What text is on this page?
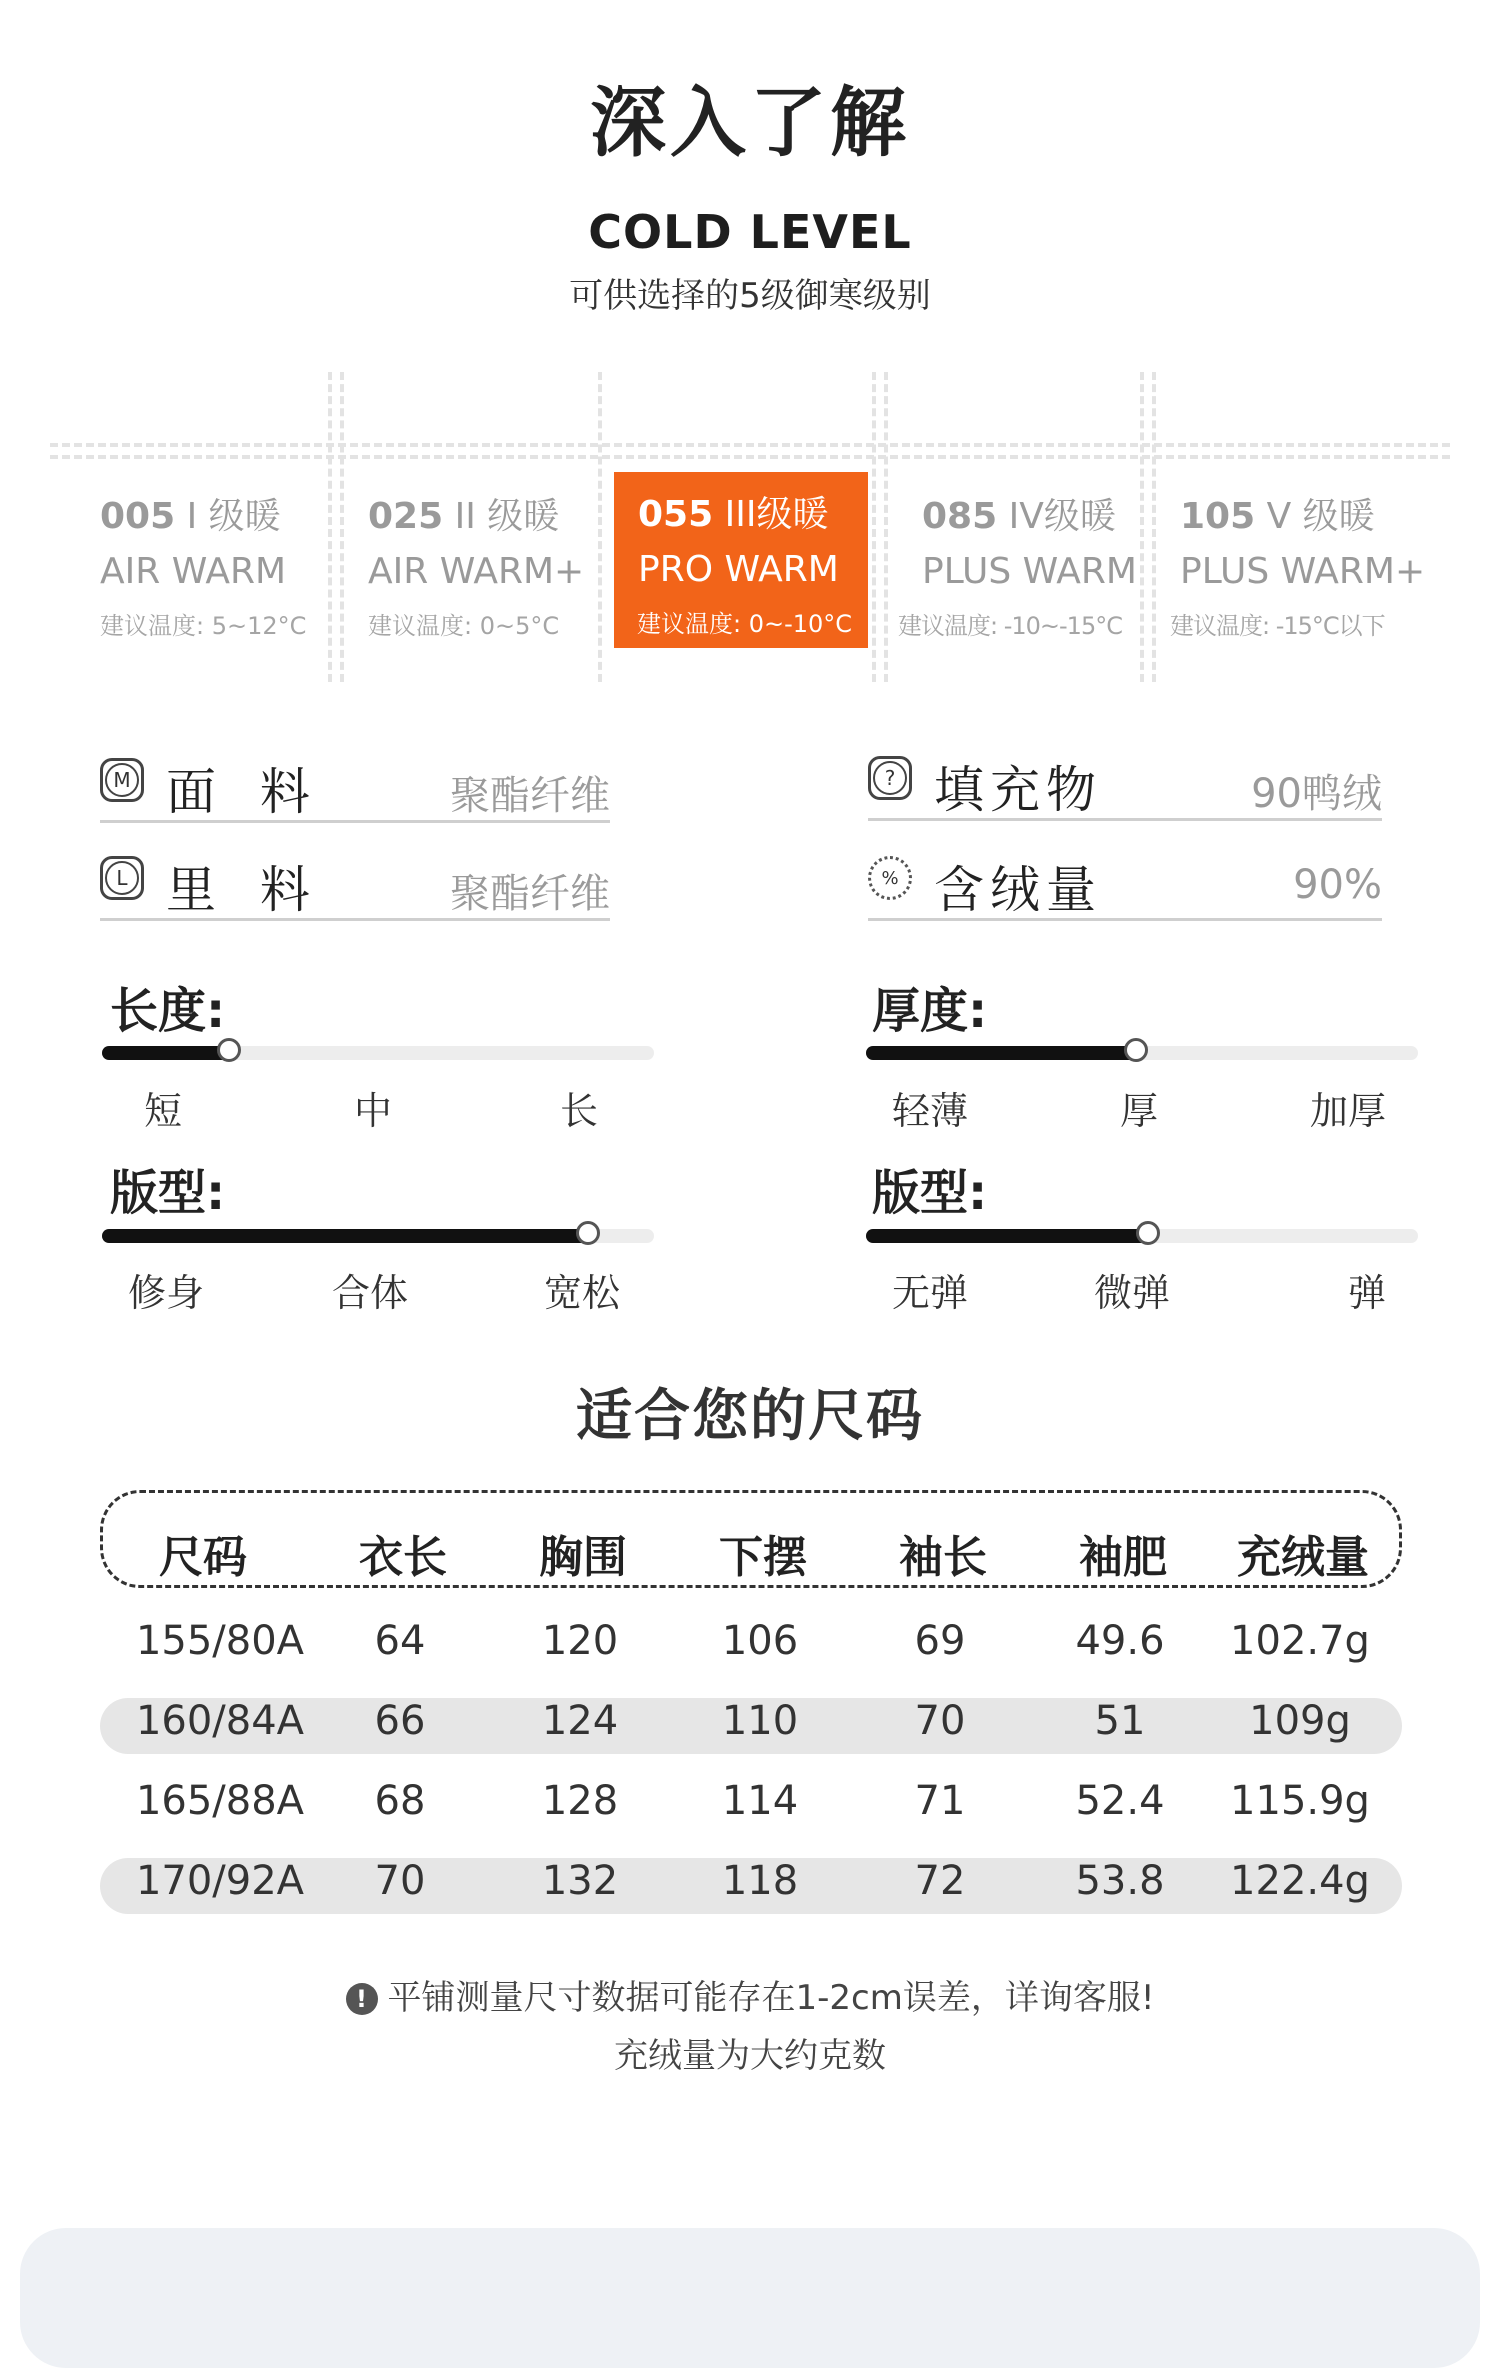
深入了解
COLD LEVEL
可供选择的5级御寒级别
005 I 级暖
AIR WARM
建议温度: 5~12°C
025 II 级暖
AIR WARM+
建议温度: 0~5°C
055 III级暖
PRO WARM
建议温度: 0~-10°C
085 IV级暖
PLUS WARM
建议温度: -10~-15°C
105 V 级暖
PLUS WARM+
建议温度: -15°C以下
M 面 料	聚酯纤维
L 里 料	聚酯纤维
? 填充物	90鸭绒
% 含绒量	90%
长度:
短	中	长
厚度:
轻薄	厚	加厚
版型:
修身	合体	宽松
版型:
无弹	微弹	弹
适合您的尺码
尺码	衣长	胸围	下摆	袖长	袖肥	充绒量
155/80A	64	120	106	69	49.6	102.7g
160/84A	66	124	110	70	51	109g
165/88A	68	128	114	71	52.4	115.9g
170/92A	70	132	118	72	53.8	122.4g
! 平铺测量尺寸数据可能存在1-2cm误差，详询客服!
充绒量为大约克数
